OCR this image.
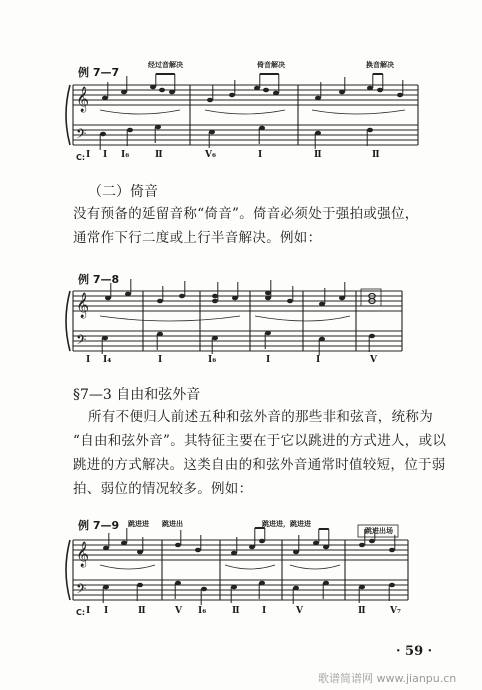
例 7—7
经过音解决	倚音解决	换音解决
𝄞
𝄢
C: I I Ⅰ₆	Ⅱ	Ⅴ₆	Ⅰ	Ⅱ	Ⅱ
（二）倚音
没有预备的延留音称“倚音”。倚音必须处于强拍或强位，
通常作下行二度或上行半音解决。例如：
例 7—8
𝄞
𝄢
I I₄	Ⅰ	Ⅰ₆	Ⅰ	Ⅰ	Ⅴ
§7—3 自由和弦外音
所有不便归人前述五种和弦外音的那些非和弦音，统称为
“自由和弦外音”。其特征主要在于它以跳进的方式进人，或以
跳进的方式解决。这类自由的和弦外音通常时值较短，位于弱
拍、弱位的情况较多。例如：
例 7—9 跳进进 跳进出	跳进进，跳进进
跳进出场
𝄞
𝄢
C: I I	Ⅱ	Ⅴ Ⅰ₆	Ⅱ Ⅰ	Ⅴ	Ⅱ	Ⅴ₇
· 59 ·
歌谱简谱网 www.jianpu.cn
